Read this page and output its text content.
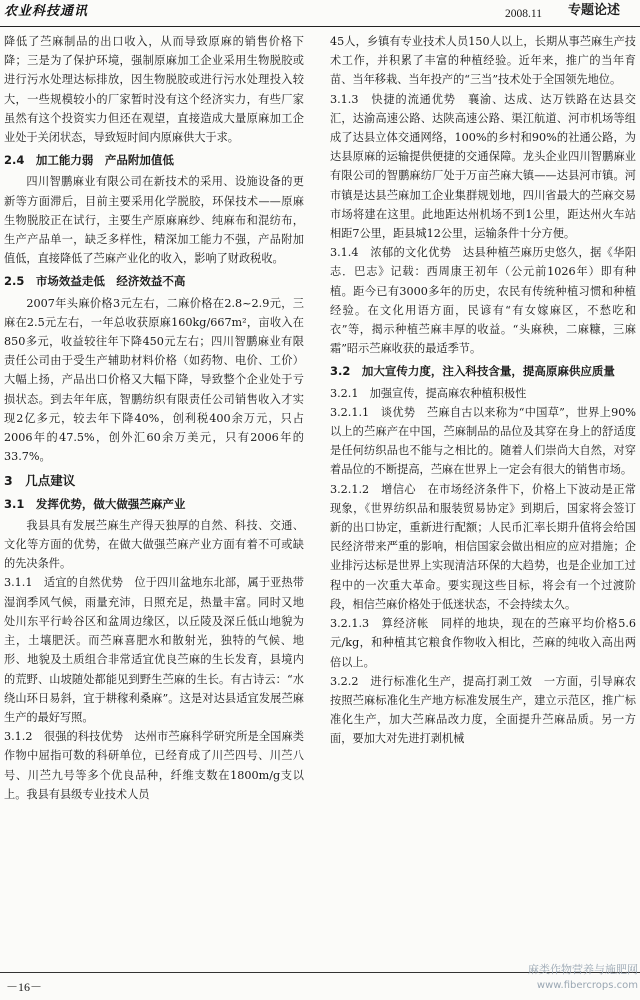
农业科技通讯	2008.11 专题论述

降低了苎麻制品的出口收入，从而导致原麻的销售价格下降；三是为了保护环境，强制原麻加工企业采用生物脱胶或进行污水处理达标排放，因生物脱胶或进行污水处理投入较大，一些规模较小的厂家暂时没有这个经济实力，有些厂家虽然有这个投资实力但还在观望，直接造成大量原麻加工企业处于关闭状态，导致短时间内原麻供大于求。

2.4　加工能力弱　产品附加值低

四川智鹏麻业有限公司在新技术的采用、设施设备的更新等方面滞后，目前主要采用化学脱胶，环保技术——原麻生物脱胶正在试行，主要生产原麻麻纱、纯麻布和混纺布，生产产品单一，缺乏多样性，精深加工能力不强，产品附加值低，直接降低了苎麻产业化的收入，影响了财政税收。

2.5　市场效益走低　经济效益不高

2007年头麻价格3元左右，二麻价格在2.8~2.9元，三麻在2.5元左右，一年总收获原麻160kg/667m²，亩收入在850多元，收益较往年下降450元左右；四川智鹏麻业有限责任公司由于受生产辅助材料价格（如药物、电价、工价）大幅上扬，产品出口价格又大幅下降，导致整个企业处于亏损状态。到去年年底，智鹏纺织有限责任公司销售收入才实现2亿多元，较去年下降40%，创利税400余万元，只占2006年的47.5%，创外汇60余万美元，只有2006年的33.7%。

3　几点建议
3.1　发挥优势，做大做强苎麻产业

我县具有发展苎麻生产得天独厚的自然、科技、交通、文化等方面的优势，在做大做强苎麻产业方面有着不可或缺的先决条件。

3.1.1　适宜的自然优势　位于四川盆地东北部，属于亚热带湿润季风气候，雨量充沛，日照充足，热量丰富。同时又地处川东平行岭谷区和盆周边缘区，以丘陵及深丘低山地貌为主，土壤肥沃。而苎麻喜肥水和散射光，独特的气候、地形、地貌及土质组合非常适宜优良苎麻的生长发育，县境内的荒野、山坡随处都能见到野生苎麻的生长。有古诗云：“水绕山环日易斜，宜于耕稼利桑麻”。这是对达县适宜发展苎麻生产的最好写照。

3.1.2　很强的科技优势　达州市苎麻科学研究所是全国麻类作物中屈指可数的科研单位，已经育成了川苎四号、川苎八号、川苎九号等多个优良品种，纤维支数在1800m/g支以上。我县有县级专业技术人员

45人，乡镇有专业技术人员150人以上，长期从事苎麻生产技术工作，并积累了丰富的种植经验。近年来，推广的当年育苗、当年移栽、当年投产的“三当”技术处于全国领先地位。

3.1.3　快捷的流通优势　襄渝、达成、达万铁路在达县交汇，达渝高速公路、达陕高速公路、渠江航道、河市机场等组成了达县立体交通网络，100%的乡村和90%的社通公路，为达县原麻的运输提供便捷的交通保障。龙头企业四川智鹏麻业有限公司的智鹏麻纺厂处于万亩苎麻大镇——达县河市镇。河市镇是达县苎麻加工企业集群规划地，四川省最大的苎麻交易市场将建在这里。此地距达州机场不到1公里，距达州火车站相距7公里，距县城12公里，运输条件十分方便。

3.1.4　浓郁的文化优势　达县种植苎麻历史悠久，据《华阳志．巴志》记载：西周康王初年（公元前1026年）即有种植。距今已有3000多年的历史，农民有传统种植习惯和种植经验。在文化用语方面，民谚有“有女嫁麻区，不愁吃和衣”等，揭示种植苎麻丰厚的收益。“头麻秧，二麻糠，三麻霜”昭示苎麻收获的最适季节。

3.2　加大宣传力度，注入科技含量，提高原麻供应质量

3.2.1　加强宣传，提高麻农种植积极性

3.2.1.1　谈优势　苎麻自古以来称为“中国草”，世界上90%以上的苎麻产在中国，苎麻制品的品位及其穿在身上的舒适度是任何纺织品也不能与之相比的。随着人们崇尚大自然，对穿着品位的不断提高，苎麻在世界上一定会有很大的销售市场。

3.2.1.2　增信心　在市场经济条件下，价格上下波动是正常现象，《世界纺织品和服装贸易协定》到期后，国家将会签订新的出口协定，重新进行配额；人民币汇率长期升值将会给国民经济带来严重的影响，相信国家会做出相应的应对措施；企业排污达标是世界上实现清洁环保的大趋势，也是企业加工过程中的一次重大革命。要实现这些目标，将会有一个过渡阶段，相信苎麻价格处于低迷状态，不会持续太久。

3.2.1.3　算经济帐　同样的地块，现在的苎麻平均价格5.6元/kg，和种植其它粮食作物收入相比，苎麻的纯收入高出两倍以上。

3.2.2　进行标准化生产，提高打剥工效　一方面，引导麻农按照苎麻标准化生产地方标准发展生产，建立示范区，推广标准化生产，加大苎麻品改力度，全面提升苎麻品质。另一方面，要加大对先进打剥机械

－16－
麻类作物营养与施肥网
www.fibercrops.com
